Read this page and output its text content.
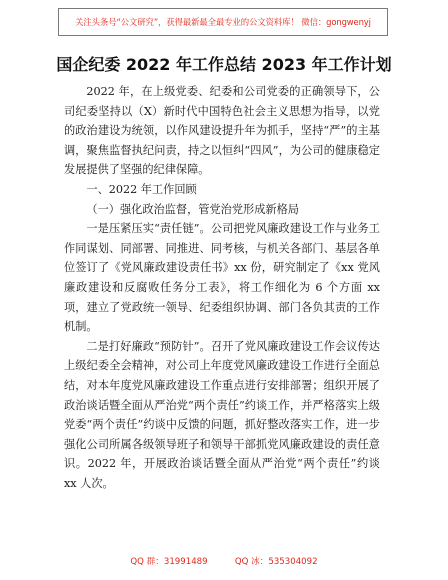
关注头条号“公文研究”，获得最新最全最专业的公文资料库！ 微信：gongwenyj
国企纪委 2022 年工作总结 2023 年工作计划

2022 年，在上级党委、纪委和公司党委的正确领导下，公司纪委坚持以（X）新时代中国特色社会主义思想为指导，以党的政治建设为统领，以作风建设提升年为抓手，坚持“严”的主基调，聚焦监督执纪问责，持之以恒纠“四风”，为公司的健康稳定发展提供了坚强的纪律保障。

一、2022 年工作回顾

（一）强化政治监督，管党治党形成新格局

一是压紧压实“责任链”。公司把党风廉政建设工作与业务工作同谋划、同部署、同推进、同考核，与机关各部门、基层各单位签订了《党风廉政建设责任书》xx 份，研究制定了《xx 党风廉政建设和反腐败任务分工表》，将工作细化为 6 个方面 xx 项，建立了党政统一领导、纪委组织协调、部门各负其责的工作机制。

二是打好廉政“预防针”。召开了党风廉政建设工作会议传达上级纪委全会精神，对公司上年度党风廉政建设工作进行全面总结，对本年度党风廉政建设工作重点进行安排部署；组织开展了政治谈话暨全面从严治党“两个责任”约谈工作，并严格落实上级党委“两个责任”约谈中反馈的问题，抓好整改落实工作，进一步强化公司所属各级领导班子和领导干部抓党风廉政建设的责任意识。2022 年，开展政治谈话暨全面从严治党“两个责任”约谈 xx 人次。

QQ 群：31991489          QQ 冰：535304092
